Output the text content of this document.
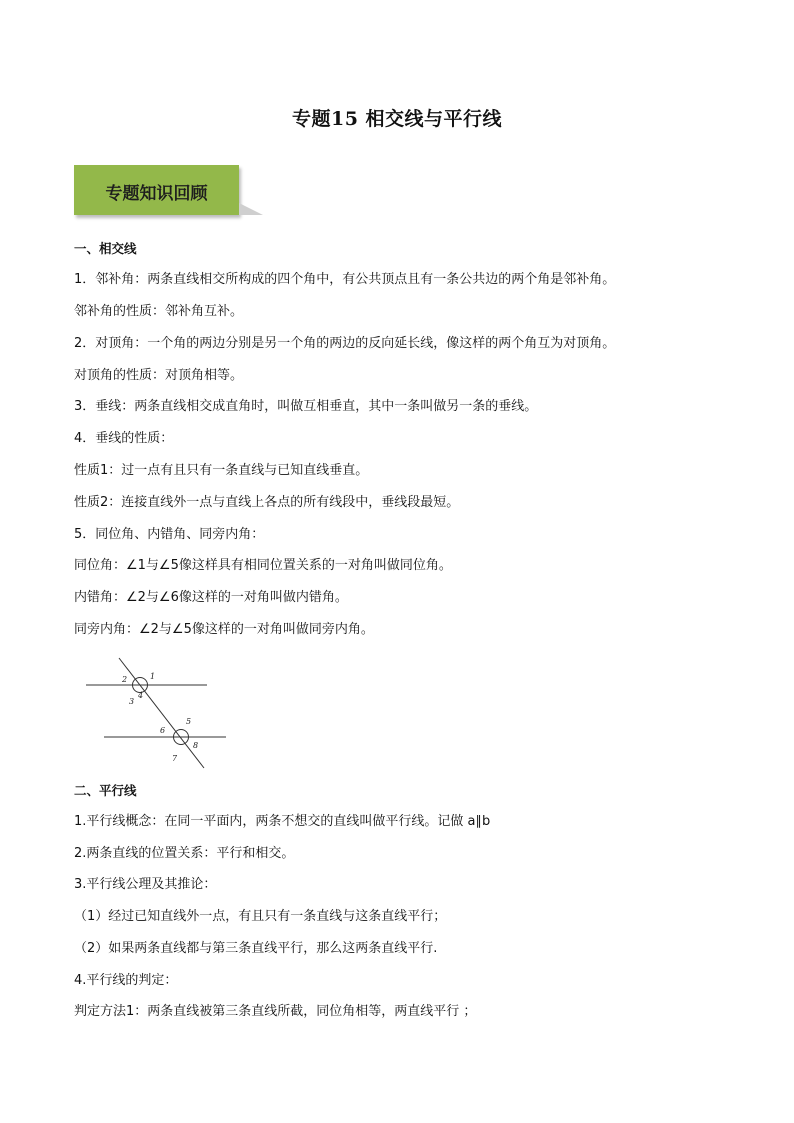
专题15 相交线与平行线
专题知识回顾
一、相交线
1．邻补角：两条直线相交所构成的四个角中，有公共顶点且有一条公共边的两个角是邻补角。
邻补角的性质：邻补角互补。
2．对顶角：一个角的两边分别是另一个角的两边的反向延长线，像这样的两个角互为对顶角。
对顶角的性质：对顶角相等。
3．垂线：两条直线相交成直角时，叫做互相垂直，其中一条叫做另一条的垂线。
4．垂线的性质：
性质1：过一点有且只有一条直线与已知直线垂直。
性质2：连接直线外一点与直线上各点的所有线段中，垂线段最短。
5．同位角、内错角、同旁内角：
同位角：∠1与∠5像这样具有相同位置关系的一对角叫做同位角。
内错角：∠2与∠6像这样的一对角叫做内错角。
同旁内角：∠2与∠5像这样的一对角叫做同旁内角。
1
2
3
4
5
6
7
8
二、平行线
1.平行线概念：在同一平面内，两条不想交的直线叫做平行线。记做 a∥b
2.两条直线的位置关系：平行和相交。
3.平行线公理及其推论：
（1）经过已知直线外一点，有且只有一条直线与这条直线平行；
（2）如果两条直线都与第三条直线平行，那么这两条直线平行.
4.平行线的判定：
判定方法1：两条直线被第三条直线所截，同位角相等，两直线平行 ；
